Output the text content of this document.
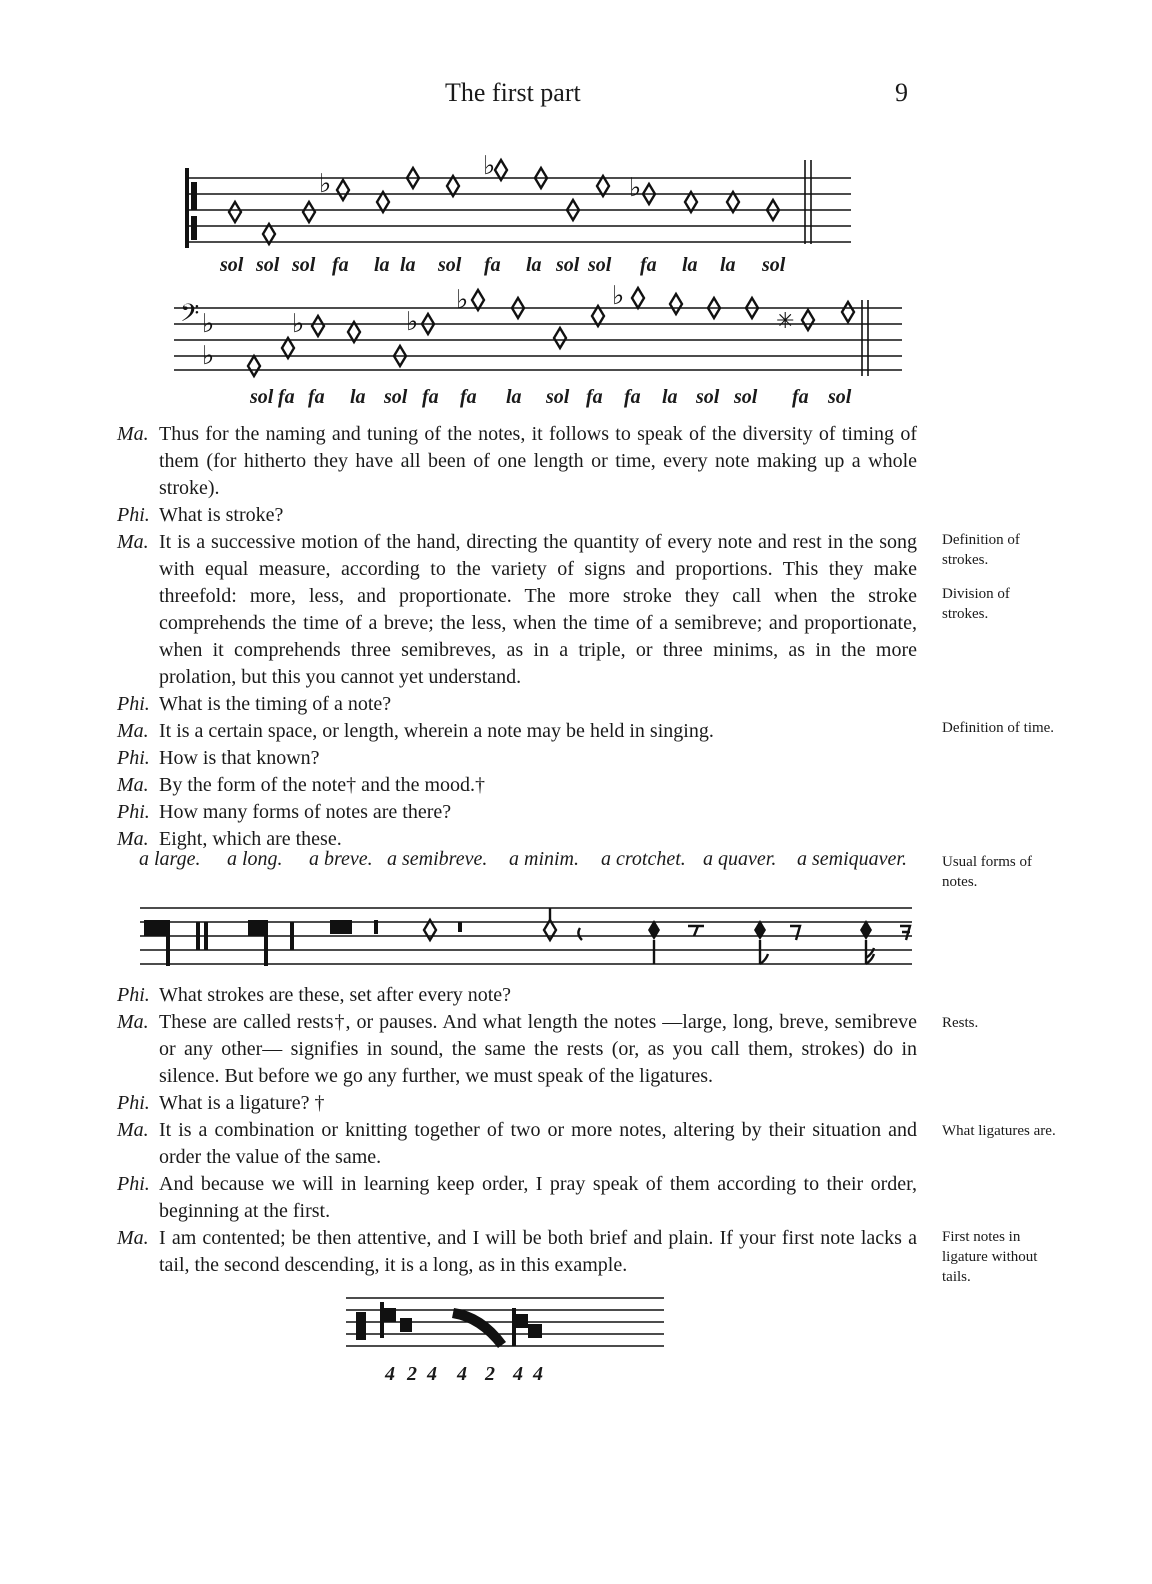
The first part	9
♭
♭
♭
sol sol sol fa la la sol fa la sol sol fa la la sol
𝄢 ♭
♭
♭	♭
♭	♭
✳
sol fa fa la sol fa fa la sol fa fa la sol sol fa sol
Ma. Thus for the naming and tuning of the notes, it follows to speak of the diversity of timing of them (for hitherto they have all been of one length or time, every note making up a whole stroke).
Phi. What is stroke?
Ma. It is a successive motion of the hand, directing the quantity of every note and rest in the song with equal measure, according to the variety of signs and proportions. This they make threefold: more, less, and proportionate. The more stroke they call when the stroke comprehends the time of a breve; the less, when the time of a semibreve; and proportionate, when it comprehends three semibreves, as in a triple, or three minims, as in the more prolation, but this you cannot yet understand.
Phi. What is the timing of a note?
Ma. It is a certain space, or length, wherein a note may be held in singing.
Phi. How is that known?
Ma. By the form of the note† and the mood.†
Phi. How many forms of notes are there?
Ma. Eight, which are these.
a large. a long. a breve. a semibreve. a minim. a crotchet. a quaver. a semiquaver.
Phi. What strokes are these, set after every note?
Ma. These are called rests†, or pauses. And what length the notes —large, long, breve, semibreve or any other— signifies in sound, the same the rests (or, as you call them, strokes) do in silence. But before we go any further, we must speak of the ligatures.
Phi. What is a ligature? †
Ma. It is a combination or knitting together of two or more notes, altering by their situation and order the value of the same.
Phi. And because we will in learning keep order, I pray speak of them according to their order, beginning at the first.
Ma. I am contented; be then attentive, and I will be both brief and plain. If your first note lacks a tail, the second descending, it is a long, as in this example.
Definition of strokes.
Division of strokes.
Definition of time.
Usual forms of notes.
Rests.
What ligatures are.
First notes in ligature without tails.
4 2 4 4 2 4 4
